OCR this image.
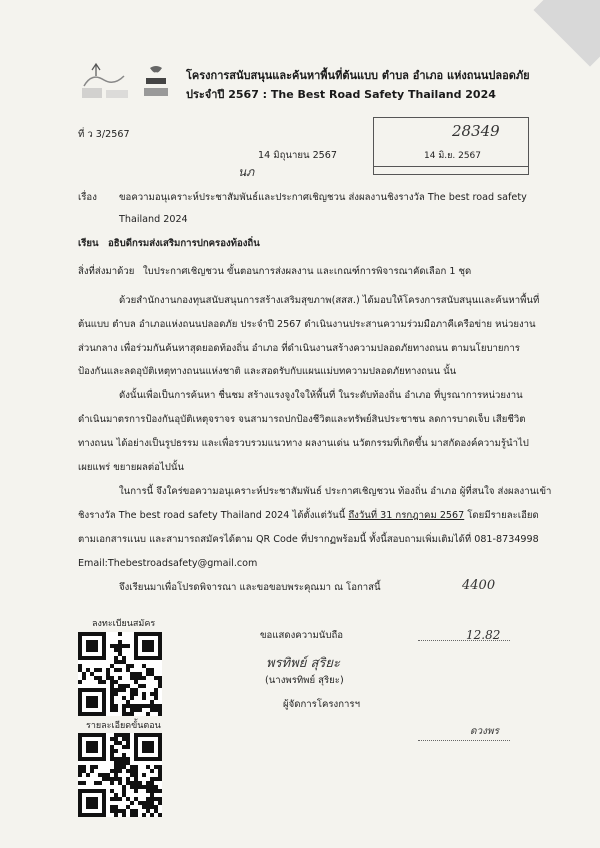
โครงการสนับสนุนและค้นหาพื้นที่ต้นแบบ ตำบล อำเภอ แห่งถนนปลอดภัย
ประจำปี 2567 : The Best Road Safety Thailand 2024
ที่ ว 3/2567	28349
14 มิ.ย. 2567
นภ
14 มิถุนายน 2567
เรื่อง ขอความอนุเคราะห์ประชาสัมพันธ์และประกาศเชิญชวน ส่งผลงานชิงรางวัล The best road safety
Thailand 2024
เรียน อธิบดีกรมส่งเสริมการปกครองท้องถิ่น
สิ่งที่ส่งมาด้วย ใบประกาศเชิญชวน ขั้นตอนการส่งผลงาน และเกณฑ์การพิจารณาคัดเลือก 1 ชุด
ด้วยสำนักงานกองทุนสนับสนุนการสร้างเสริมสุขภาพ(สสส.) ได้มอบให้โครงการสนับสนุนและค้นหาพื้นที่
ต้นแบบ ตำบล อำเภอแห่งถนนปลอดภัย ประจำปี 2567 ดำเนินงานประสานความร่วมมือภาคีเครือข่าย หน่วยงาน
ส่วนกลาง เพื่อร่วมกันค้นหาสุดยอดท้องถิ่น อำเภอ ที่ดำเนินงานสร้างความปลอดภัยทางถนน ตามนโยบายการ
ป้องกันและลดอุบัติเหตุทางถนนแห่งชาติ และสอดรับกับแผนแม่บทความปลอดภัยทางถนน นั้น
ดังนั้นเพื่อเป็นการค้นหา ชื่นชม สร้างแรงจูงใจให้พื้นที่ ในระดับท้องถิ่น อำเภอ ที่บูรณาการหน่วยงาน
ดำเนินมาตรการป้องกันอุบัติเหตุจราจร จนสามารถปกป้องชีวิตและทรัพย์สินประชาชน ลดการบาดเจ็บ เสียชีวิต
ทางถนน ได้อย่างเป็นรูปธรรม และเพื่อรวบรวมแนวทาง ผลงานเด่น นวัตกรรมที่เกิดขึ้น มาสกัดองค์ความรู้นำไป
เผยแพร่ ขยายผลต่อไปนั้น
ในการนี้ จึงใคร่ขอความอนุเคราะห์ประชาสัมพันธ์ ประกาศเชิญชวน ท้องถิ่น อำเภอ ผู้ที่สนใจ ส่งผลงานเข้า
ชิงรางวัล The best road safety Thailand 2024 ได้ตั้งแต่วันนี้ ถึงวันที่ 31 กรกฎาคม 2567 โดยมีรายละเอียด
ตามเอกสารแนบ และสามารถสมัครได้ตาม QR Code ที่ปรากฏพร้อมนี้ ทั้งนี้สอบถามเพิ่มเติมได้ที่ 081-8734998
Email:Thebestroadsafety@gmail.com
จึงเรียนมาเพื่อโปรดพิจารณา และขอขอบพระคุณมา ณ โอกาสนี้	4400
12.82
ดวงพร
ขอแสดงความนับถือ
พรทิพย์ สุริยะ
(นางพรทิพย์ สุริยะ)
ผู้จัดการโครงการฯ
ลงทะเบียนสมัคร
รายละเอียดขั้นตอน
